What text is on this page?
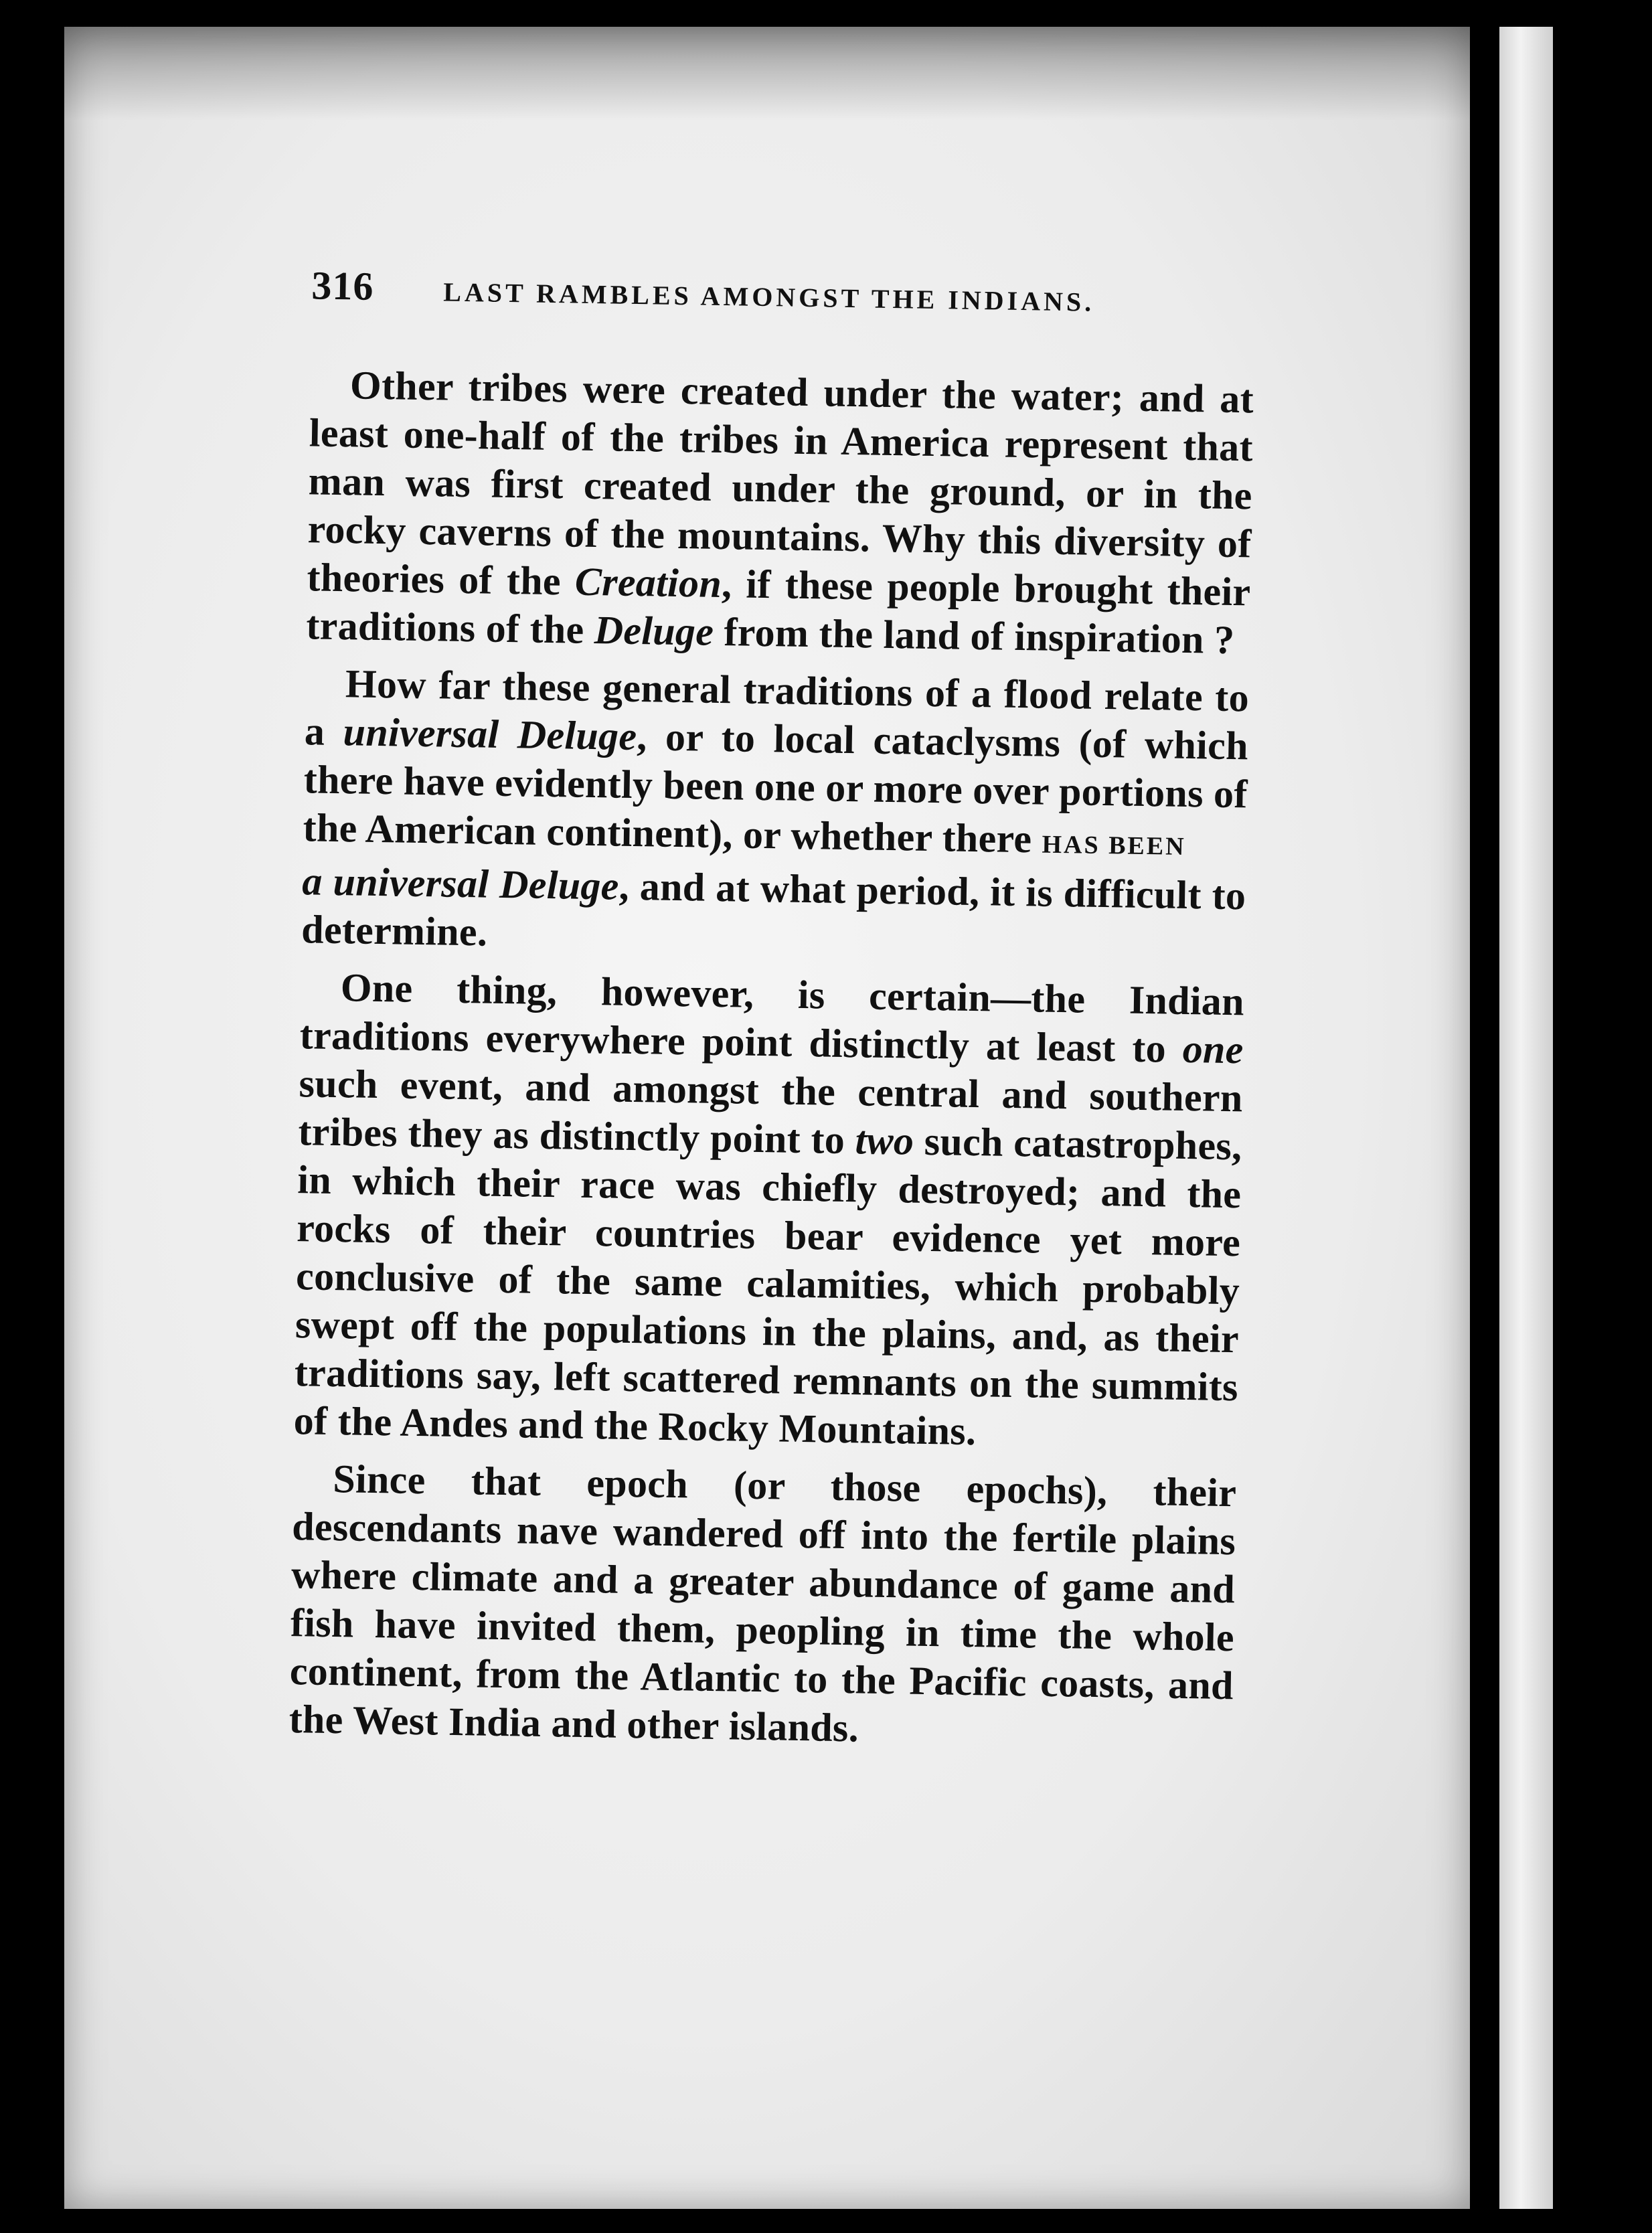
316	LAST RAMBLES AMONGST THE INDIANS.

Other tribes were created under the water; and at least one-half of the tribes in America represent that man was first created under the ground, or in the rocky caverns of the mountains. Why this diversity of theories of the Creation, if these people brought their traditions of the Deluge from the land of inspiration ?

How far these general traditions of a flood relate to a universal Deluge, or to local cataclysms (of which there have evidently been one or more over portions of the American continent), or whether there HAS BEEN
a universal Deluge, and at what period, it is difficult to determine.

One thing, however, is certain—the Indian traditions everywhere point distinctly at least to one such event, and amongst the central and southern tribes they as distinctly point to two such catastrophes, in which their race was chiefly destroyed; and the rocks of their countries bear evidence yet more conclusive of the same calamities, which probably swept off the populations in the plains, and, as their traditions say, left scattered remnants on the summits of the Andes and the Rocky Mountains.

Since that epoch (or those epochs), their descendants nave wandered off into the fertile plains where climate and a greater abundance of game and fish have invited them, peopling in time the whole continent, from the Atlantic to the Pacific coasts, and the West India and other islands.
